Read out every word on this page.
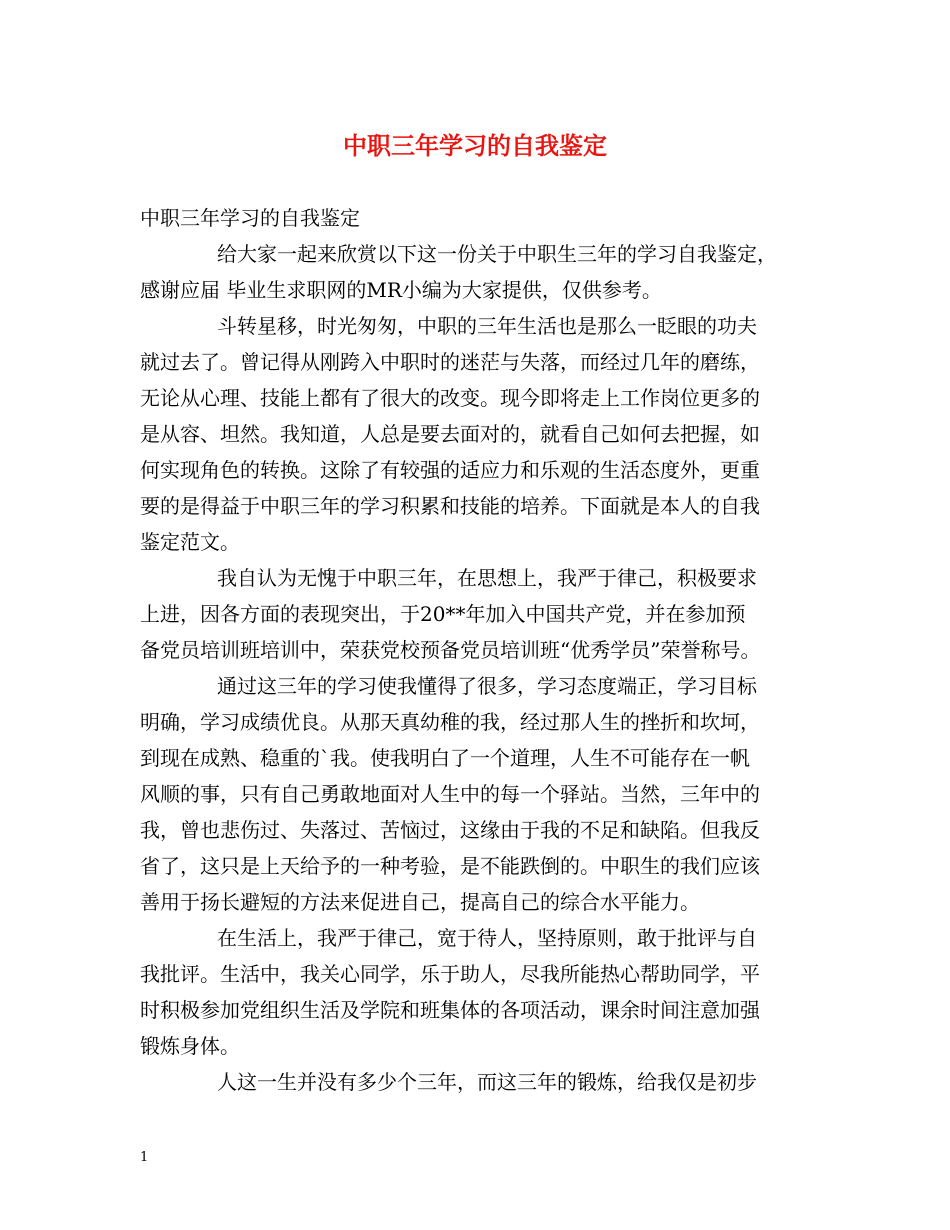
中职三年学习的自我鉴定
中职三年学习的自我鉴定
给大家一起来欣赏以下这一份关于中职生三年的学习自我鉴定，
感谢应届 毕业生求职网的MR小编为大家提供，仅供参考。
斗转星移，时光匆匆，中职的三年生活也是那么一眨眼的功夫
就过去了。曾记得从刚跨入中职时的迷茫与失落，而经过几年的磨练，
无论从心理、技能上都有了很大的改变。现今即将走上工作岗位更多的
是从容、坦然。我知道，人总是要去面对的，就看自己如何去把握，如
何实现角色的转换。这除了有较强的适应力和乐观的生活态度外，更重
要的是得益于中职三年的学习积累和技能的培养。下面就是本人的自我
鉴定范文。
我自认为无愧于中职三年，在思想上，我严于律己，积极要求
上进，因各方面的表现突出，于20**年加入中国共产党，并在参加预
备党员培训班培训中，荣获党校预备党员培训班“优秀学员”荣誉称号。
通过这三年的学习使我懂得了很多，学习态度端正，学习目标
明确，学习成绩优良。从那天真幼稚的我，经过那人生的挫折和坎坷，
到现在成熟、稳重的`我。使我明白了一个道理，人生不可能存在一帆
风顺的事，只有自己勇敢地面对人生中的每一个驿站。当然，三年中的
我，曾也悲伤过、失落过、苦恼过，这缘由于我的不足和缺陷。但我反
省了，这只是上天给予的一种考验，是不能跌倒的。中职生的我们应该
善用于扬长避短的方法来促进自己，提高自己的综合水平能力。
在生活上，我严于律己，宽于待人，坚持原则，敢于批评与自
我批评。生活中，我关心同学，乐于助人，尽我所能热心帮助同学，平
时积极参加党组织生活及学院和班集体的各项活动，课余时间注意加强
锻炼身体。
人这一生并没有多少个三年，而这三年的锻炼，给我仅是初步
1
